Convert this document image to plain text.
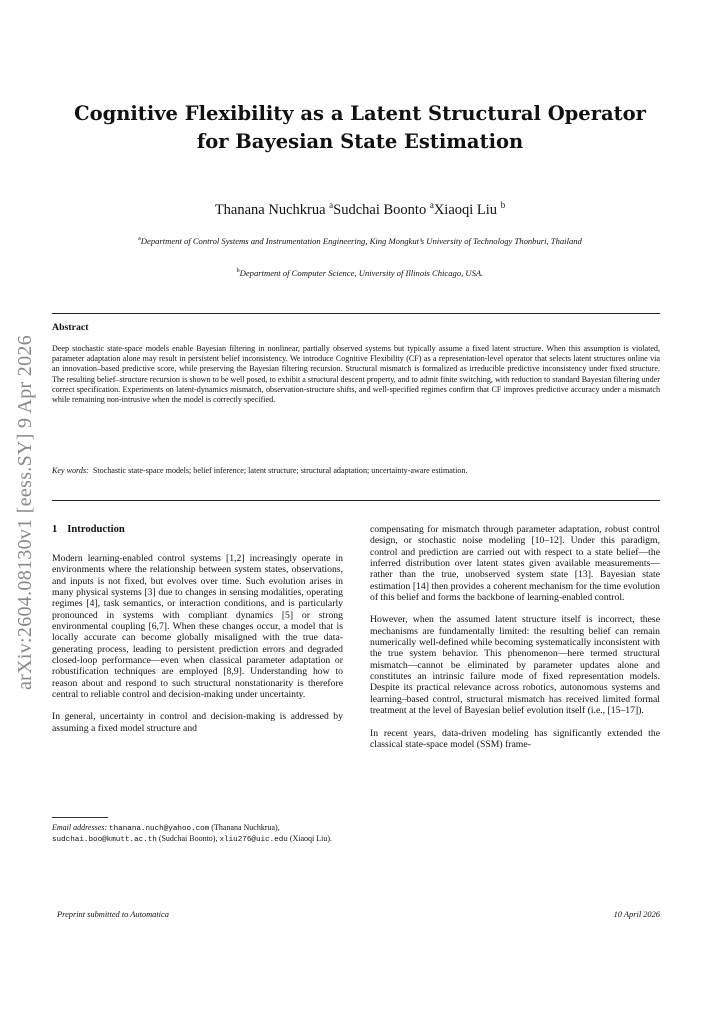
arXiv:2604.08130v1 [eess.SY] 9 Apr 2026
Cognitive Flexibility as a Latent Structural Operator for Bayesian State Estimation
Thanana Nuchkrua $^a$Sudchai Boonto $^a$Xiaoqi Liu $^b$
$^a$Department of Control Systems and Instrumentation Engineering, King Mongkut’s University of Technology Thonburi, Thailand
$^b$Department of Computer Science, University of Illinois Chicago, USA.
Abstract
Deep stochastic state-space models enable Bayesian filtering in nonlinear, partially observed systems but typically assume a fixed latent structure. When this assumption is violated, parameter adaptation alone may result in persistent belief inconsistency. We introduce Cognitive Flexibility (CF) as a representation-level operator that selects latent structures online via an innovation–based predictive score, while preserving the Bayesian filtering recursion. Structural mismatch is formalized as irreducible predictive inconsistency under fixed structure. The resulting belief–structure recursion is shown to be well posed, to exhibit a structural descent property, and to admit finite switching, with reduction to standard Bayesian filtering under correct specification. Experiments on latent-dynamics mismatch, observation-structure shifts, and well-specified regimes confirm that CF improves predictive accuracy under a mismatch while remaining non-intrusive when the model is correctly specified.
Key words: Stochastic state-space models; belief inference; latent structure; structural adaptation; uncertainty-aware estimation.
1 Introduction

Modern learning-enabled control systems [1,2] increasingly operate in environments where the relationship between system states, observations, and inputs is not fixed, but evolves over time. Such evolution arises in many physical systems [3] due to changes in sensing modalities, operating regimes [4], task semantics, or interaction conditions, and is particularly pronounced in systems with compliant dynamics [5] or strong environmental coupling [6,7]. When these changes occur, a model that is locally accurate can become globally misaligned with the true data-generating process, leading to persistent prediction errors and degraded closed-loop performance—even when classical parameter adaptation or robustification techniques are employed [8,9]. Understanding how to reason about and respond to such structural nonstationarity is therefore central to reliable control and decision-making under uncertainty.

In general, uncertainty in control and decision-making is addressed by assuming a fixed model structure and

compensating for mismatch through parameter adaptation, robust control design, or stochastic noise modeling [10–12]. Under this paradigm, control and prediction are carried out with respect to a state belief—the inferred distribution over latent states given available measurements—rather than the true, unobserved system state [13]. Bayesian state estimation [14] then provides a coherent mechanism for the time evolution of this belief and forms the backbone of learning-enabled control.

However, when the assumed latent structure itself is incorrect, these mechanisms are fundamentally limited: the resulting belief can remain numerically well-defined while becoming systematically inconsistent with the true system behavior. This phenomenon—here termed structural mismatch—cannot be eliminated by parameter updates alone and constitutes an intrinsic failure mode of fixed representation models. Despite its practical relevance across robotics, autonomous systems and learning–based control, structural mismatch has received limited formal treatment at the level of Bayesian belief evolution itself (i.e., [15–17]).

In recent years, data-driven modeling has significantly extended the classical state-space model (SSM) frame-

Email addresses: thanana.nuch@yahoo.com (Thanana Nuchkrua), sudchai.boo@kmutt.ac.th (Sudchai Boonto), xliu276@uic.edu (Xiaoqi Liu).
Preprint submitted to Automatica	10 April 2026
